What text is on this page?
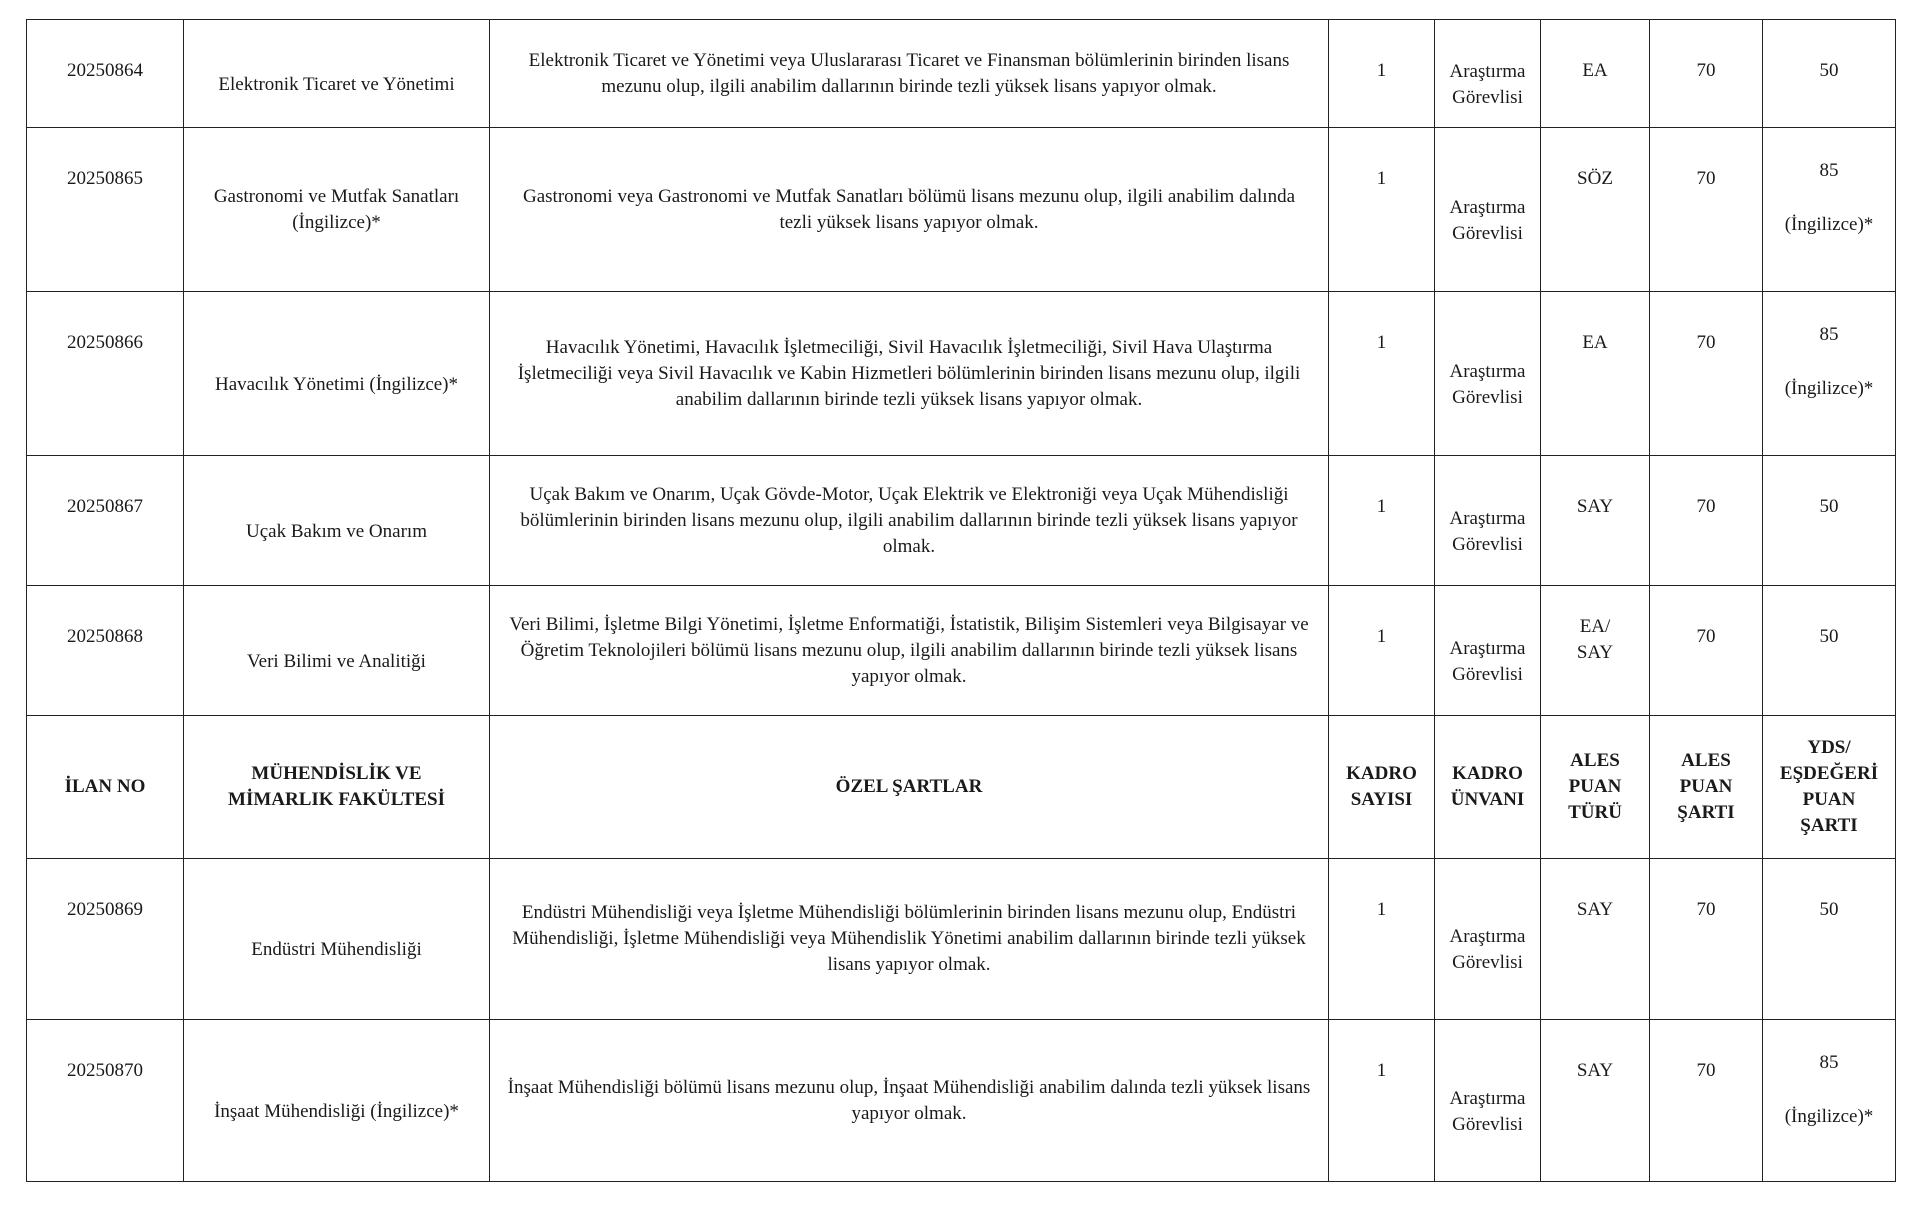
20250864	Elektronik Ticaret ve Yönetimi	Elektronik Ticaret ve Yönetimi veya Uluslararası Ticaret ve Finansman bölümlerinin birinden lisans
mezunu olup, ilgili anabilim dallarının birinde tezli yüksek lisans yapıyor olmak.	1	Araştırma
Görevlisi	EA	70	50

20250865	Gastronomi ve Mutfak Sanatları
(İngilizce)*	Gastronomi veya Gastronomi ve Mutfak Sanatları bölümü lisans mezunu olup, ilgili anabilim dalında
tezli yüksek lisans yapıyor olmak.	1	Araştırma
Görevlisi	SÖZ	70	85
(İngilizce)*

20250866	Havacılık Yönetimi (İngilizce)*	Havacılık Yönetimi, Havacılık İşletmeciliği, Sivil Havacılık İşletmeciliği, Sivil Hava Ulaştırma
İşletmeciliği veya Sivil Havacılık ve Kabin Hizmetleri bölümlerinin birinden lisans mezunu olup, ilgili
anabilim dallarının birinde tezli yüksek lisans yapıyor olmak.	1	Araştırma
Görevlisi	EA	70	85
(İngilizce)*

20250867	Uçak Bakım ve Onarım	Uçak Bakım ve Onarım, Uçak Gövde-Motor, Uçak Elektrik ve Elektroniği veya Uçak Mühendisliği
bölümlerinin birinden lisans mezunu olup, ilgili anabilim dallarının birinde tezli yüksek lisans yapıyor
olmak.	1	Araştırma
Görevlisi	SAY	70	50

20250868	Veri Bilimi ve Analitiği	Veri Bilimi, İşletme Bilgi Yönetimi, İşletme Enformatiği, İstatistik, Bilişim Sistemleri veya Bilgisayar ve
Öğretim Teknolojileri bölümü lisans mezunu olup, ilgili anabilim dallarının birinde tezli yüksek lisans
yapıyor olmak.	1	Araştırma
Görevlisi	EA/
SAY	70	50

İLAN NO	MÜHENDİSLİK VE
MİMARLIK FAKÜLTESİ	ÖZEL ŞARTLAR	KADRO
SAYISI	KADRO
ÜNVANI	ALES
PUAN
TÜRÜ	ALES
PUAN
ŞARTI	YDS/
EŞDEĞERİ
PUAN
ŞARTI

20250869	Endüstri Mühendisliği	Endüstri Mühendisliği veya İşletme Mühendisliği bölümlerinin birinden lisans mezunu olup, Endüstri
Mühendisliği, İşletme Mühendisliği veya Mühendislik Yönetimi anabilim dallarının birinde tezli yüksek
lisans yapıyor olmak.	1	Araştırma
Görevlisi	SAY	70	50

20250870	İnşaat Mühendisliği (İngilizce)*	İnşaat Mühendisliği bölümü lisans mezunu olup, İnşaat Mühendisliği anabilim dalında tezli yüksek lisans
yapıyor olmak.	1	Araştırma
Görevlisi	SAY	70	85
(İngilizce)*
